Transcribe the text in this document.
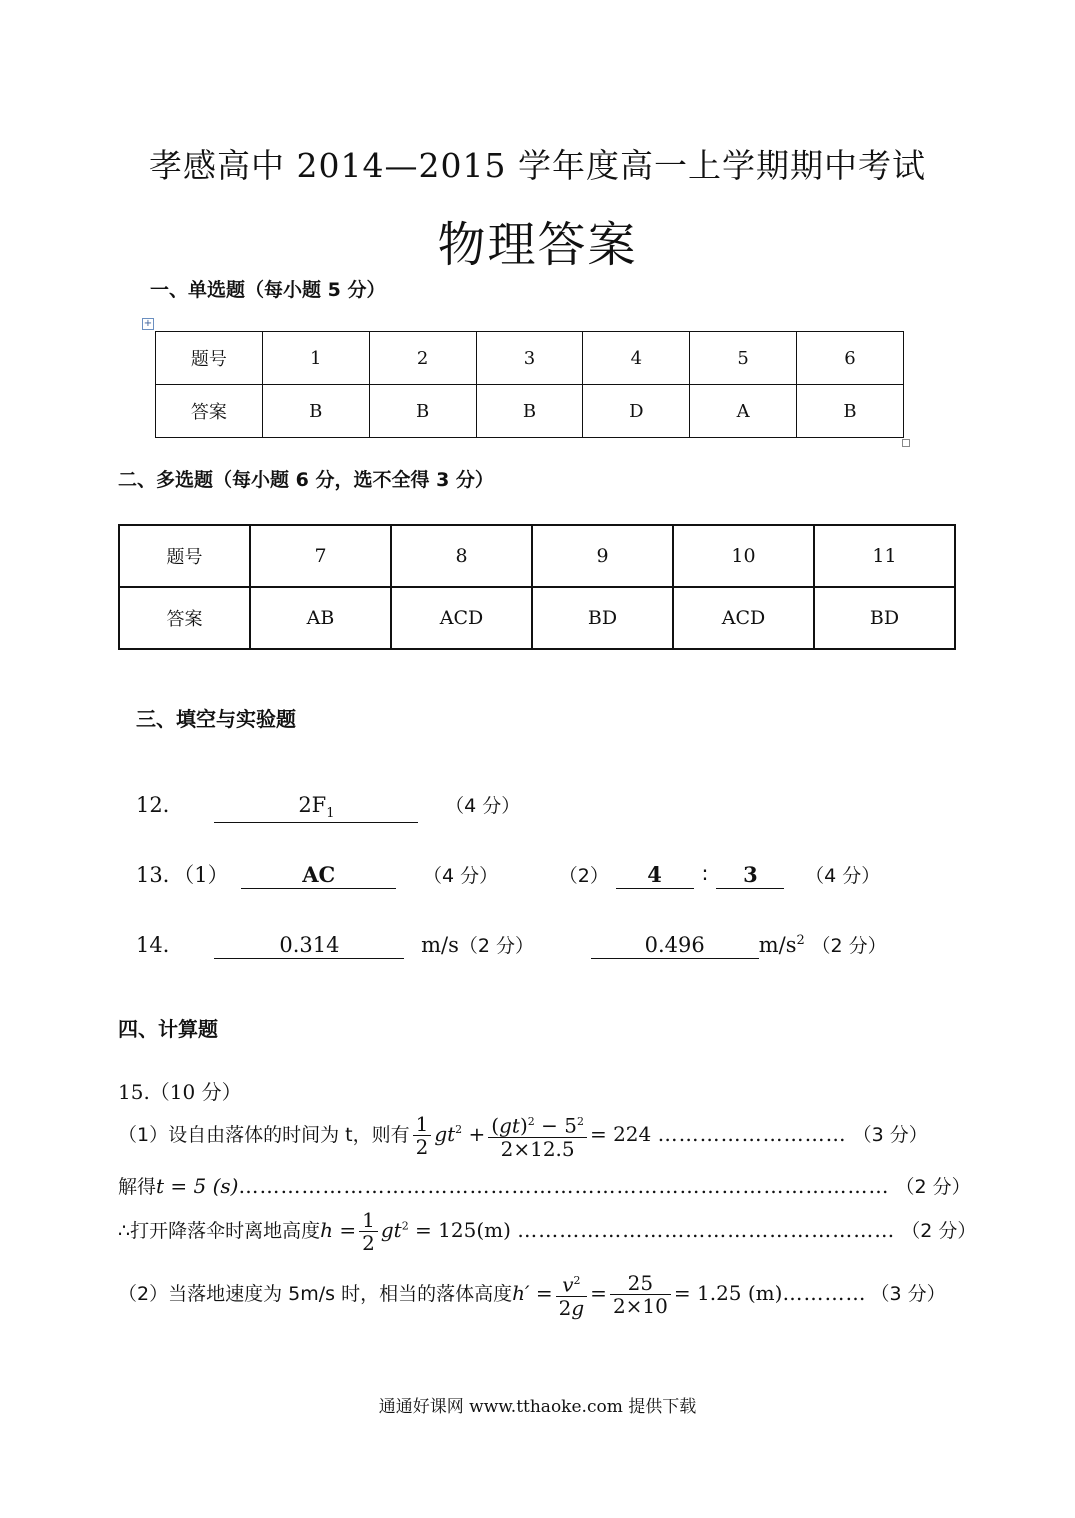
孝感高中 2014—2015 学年度高一上学期期中考试
物理答案
一、单选题（每小题 5 分）
+
题号	1	2	3	4	5	6
答案	B	B	B	D	A	B
二、多选题（每小题 6 分，选不全得 3 分）
题号	7	8	9	10	11
答案	AB	ACD	BD	ACD	BD
三、填空与实验题
12．	$2F_1$	（4 分）
13．（1）	AC	（4 分）	（2） 4 ∶ 3 （4 分）
14．	0.314	m/s（2 分）	0.496	$m/s^2$ （2 分）
四、计算题
15.（10 分）
（1）设自由落体的时间为 t，则有 $\frac{1}{2} gt^2 + \frac{(gt)^2 - 5^2}{2\times 12.5} = 224$ ……………………… （3 分）
解得t = 5 (s)………………………………………………………………………………… （2 分）
∴打开降落伞时离地高度$h = \frac{1}{2} gt^2 = 125(m)$ ……………………………………………… （2 分）
（2）当落地速度为 5m/s 时，相当的落体高度$h' = \frac{v^2}{2g} = \frac{25}{2\times 10} = 1.25$ (m)………… （3 分）
通通好课网 www.tthaoke.com 提供下载
